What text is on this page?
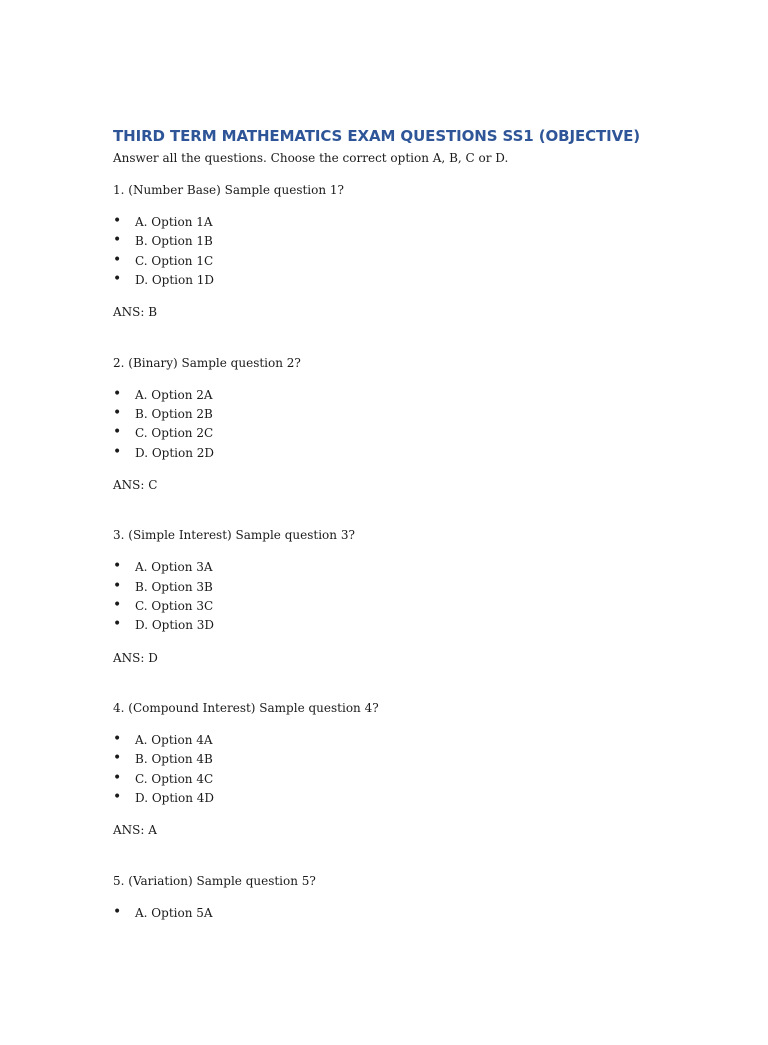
THIRD TERM MATHEMATICS EXAM QUESTIONS SS1 (OBJECTIVE)
Answer all the questions. Choose the correct option A, B, C or D.
1. (Number Base) Sample question 1?
• A. Option 1A
• B. Option 1B
• C. Option 1C
• D. Option 1D
ANS: B
2. (Binary) Sample question 2?
• A. Option 2A
• B. Option 2B
• C. Option 2C
• D. Option 2D
ANS: C
3. (Simple Interest) Sample question 3?
• A. Option 3A
• B. Option 3B
• C. Option 3C
• D. Option 3D
ANS: D
4. (Compound Interest) Sample question 4?
• A. Option 4A
• B. Option 4B
• C. Option 4C
• D. Option 4D
ANS: A
5. (Variation) Sample question 5?
• A. Option 5A
